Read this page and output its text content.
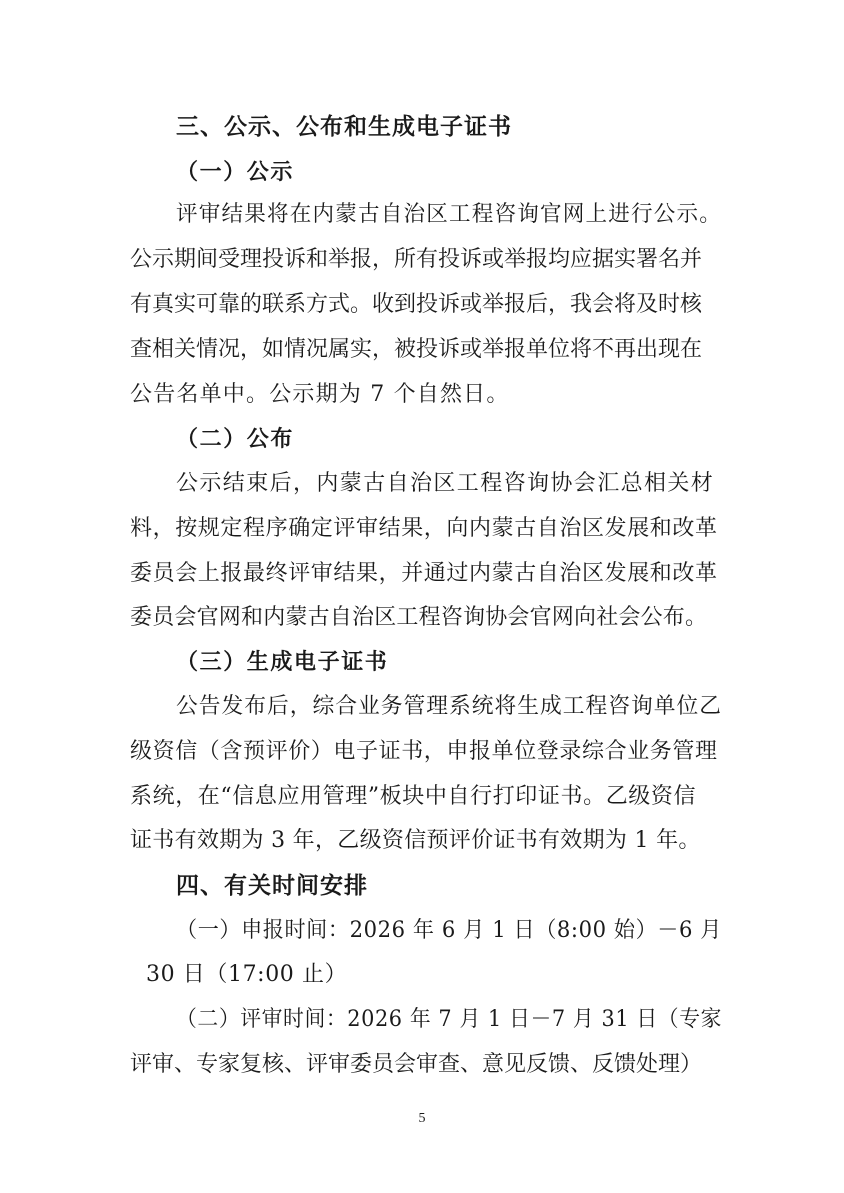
三、公示、公布和生成电子证书
（一）公示
评审结果将在内蒙古自治区工程咨询官网上进行公示。
公示期间受理投诉和举报，所有投诉或举报均应据实署名并
有真实可靠的联系方式。收到投诉或举报后，我会将及时核
查相关情况，如情况属实，被投诉或举报单位将不再出现在
公告名单中。公示期为 7 个自然日。
（二）公布
公示结束后，内蒙古自治区工程咨询协会汇总相关材
料，按规定程序确定评审结果，向内蒙古自治区发展和改革
委员会上报最终评审结果，并通过内蒙古自治区发展和改革
委员会官网和内蒙古自治区工程咨询协会官网向社会公布。
（三）生成电子证书
公告发布后，综合业务管理系统将生成工程咨询单位乙
级资信（含预评价）电子证书，申报单位登录综合业务管理
系统，在“信息应用管理”板块中自行打印证书。乙级资信
证书有效期为 3 年，乙级资信预评价证书有效期为 1 年。
四、有关时间安排
（一）申报时间：2026 年 6 月 1 日（8:00 始）－6 月
30 日（17:00 止）
（二）评审时间：2026 年 7 月 1 日－7 月 31 日（专家
评审、专家复核、评审委员会审查、意见反馈、反馈处理）
5
